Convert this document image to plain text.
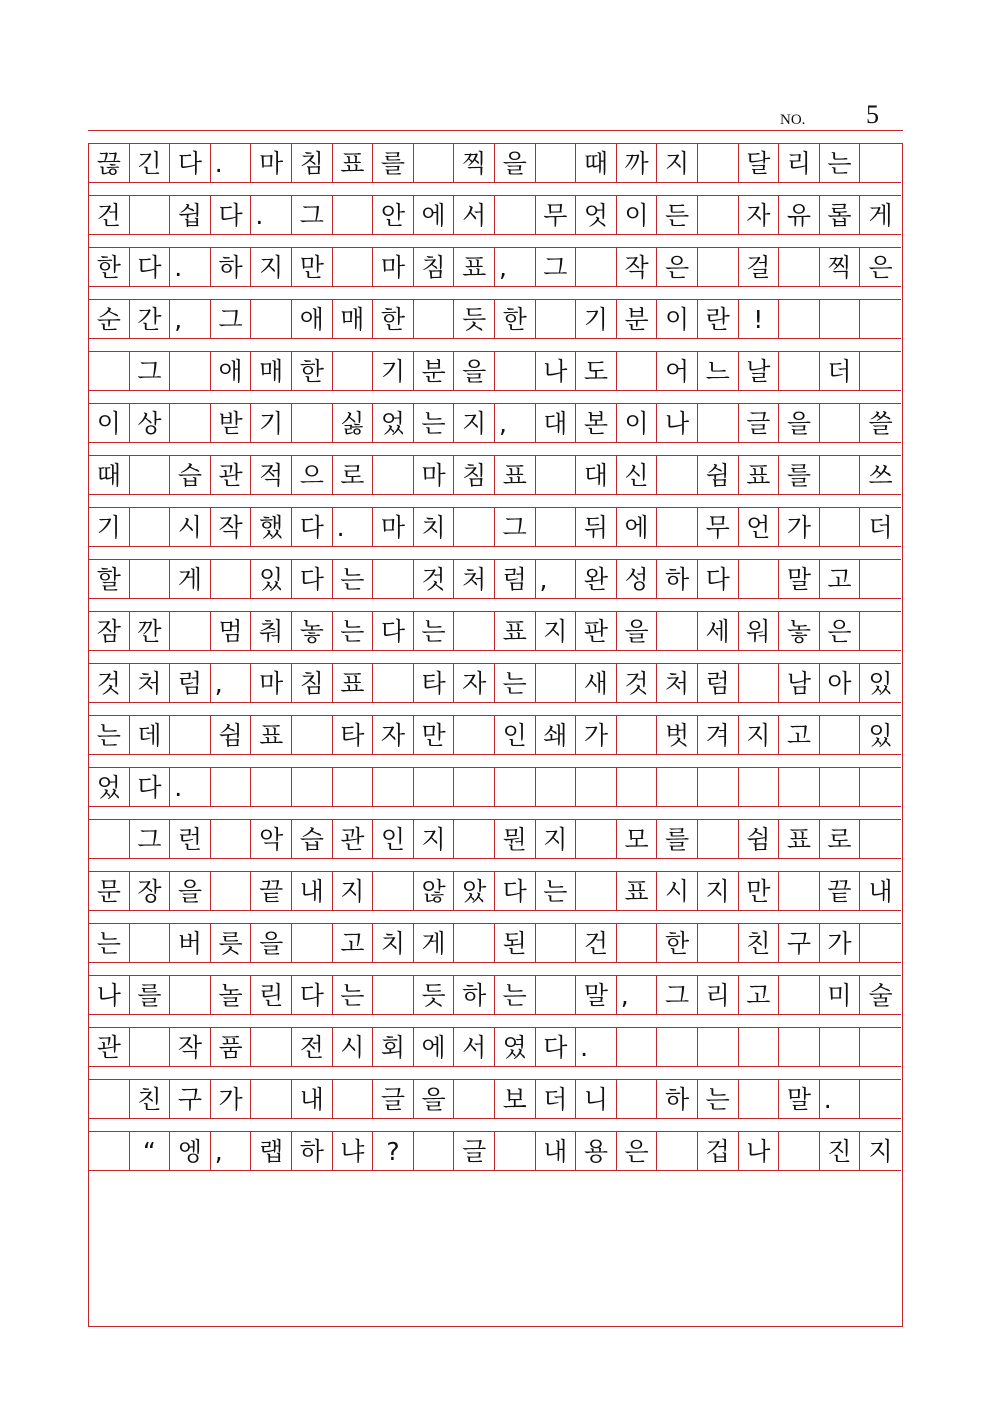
NO. 5
끊 긴 다 .	마 침 표 를	찍 을	때 까 지	달 리 는
건	쉽 다 .	그	안 에 서	무 엇 이 든	자 유 롭 게
한 다 .	하 지 만	마 침 표 ,	그	작 은	걸	찍 은
순 간 ,	그	애 매 한	듯 한	기 분 이 란 !
그	애 매 한	기 분 을	나 도	어 느 날	더
이 상	받 기	싫 었 는 지 ,	대 본 이 나	글 을	쓸
때	습 관 적 으 로	마 침 표	대 신	쉼 표 를	쓰
기	시 작 했 다 .	마 치	그	뒤 에	무 언 가	더
할	게	있 다 는	것 처 럼 ,	완 성 하 다	말 고
잠 깐	멈 춰 놓 는 다 는	표 지 판 을	세 워 놓 은
것 처 럼 ,	마 침 표	타 자 는	새 것 처 럼	남 아 있
는 데	쉼 표	타 자 만	인 쇄 가	벗 겨 지 고	있
었 다 .
그 런	악 습 관 인 지	뭔 지	모 를	쉼 표 로
문 장 을	끝 내 지	않 았 다 는	표 시 지 만	끝 내
는	버 릇 을	고 치 게	된	건	한	친 구 가
나 를	놀 린 다 는	듯 하 는	말 ,	그 리 고	미 술
관	작 품	전 시 회 에 서 였 다 .
친 구 가	내	글 을	보 더 니	하 는	말 .
“ 엥 ,	랩 하 냐 ?	글	내 용 은	겁 나	진 지
